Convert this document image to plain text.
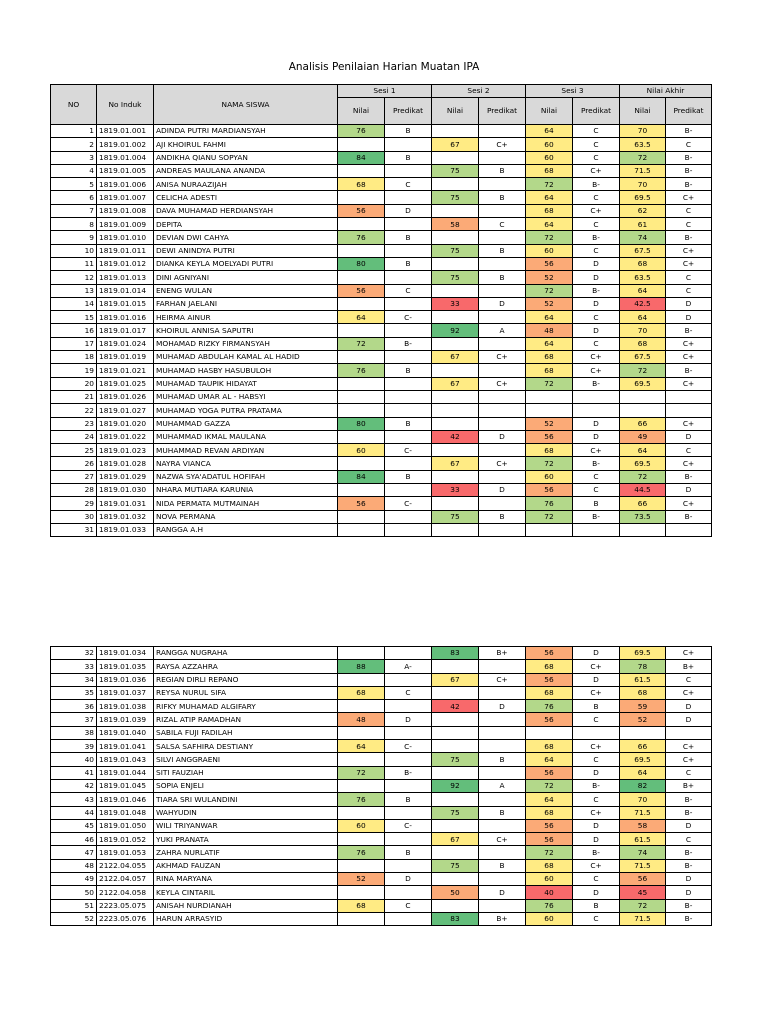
Analisis Penilaian Harian Muatan IPA
NO	No Induk	NAMA SISWA	Sesi 1		Sesi 2		Sesi 3		Nilai Akhir	
			Nilai	Predikat	Nilai	Predikat	Nilai	Predikat	Nilai	Predikat
1	1819.01.001	ADINDA PUTRI MARDIANSYAH	76	B			64	C	70	B-
2	1819.01.002	AJI KHOIRUL FAHMI			67	C+	60	C	63.5	C
3	1819.01.004	ANDIKHA QIANU SOPYAN	84	B			60	C	72	B-
4	1819.01.005	ANDREAS MAULANA ANANDA			75	B	68	C+	71.5	B-
5	1819.01.006	ANISA NURAAZIJAH	68	C			72	B-	70	B-
6	1819.01.007	CELICHA ADESTI			75	B	64	C	69.5	C+
7	1819.01.008	DAVA MUHAMAD HERDIANSYAH	56	D			68	C+	62	C
8	1819.01.009	DEPITA			58	C	64	C	61	C
9	1819.01.010	DEVIAN DWI CAHYA	76	B			72	B-	74	B-
10	1819.01.011	DEWI ANINDYA PUTRI			75	B	60	C	67.5	C+
11	1819.01.012	DIANKA KEYLA MOELYADI PUTRI	80	B			56	D	68	C+
12	1819.01.013	DINI AGNIYANI			75	B	52	D	63.5	C
13	1819.01.014	ENENG WULAN	56	C			72	B-	64	C
14	1819.01.015	FARHAN JAELANI			33	D	52	D	42.5	D
15	1819.01.016	HEIRMA AINUR	64	C-			64	C	64	D
16	1819.01.017	KHOIRUL ANNISA SAPUTRI			92	A	48	D	70	B-
17	1819.01.024	MOHAMAD RIZKY FIRMANSYAH	72	B-			64	C	68	C+
18	1819.01.019	MUHAMAD ABDULAH KAMAL AL HADID			67	C+	68	C+	67.5	C+
19	1819.01.021	MUHAMAD HASBY HASUBULOH	76	B			68	C+	72	B-
20	1819.01.025	MUHAMAD TAUPIK HIDAYAT			67	C+	72	B-	69.5	C+
21	1819.01.026	MUHAMAD UMAR AL - HABSYI								
22	1819.01.027	MUHAMAD YOGA PUTRA PRATAMA								
23	1819.01.020	MUHAMMAD GAZZA	80	B			52	D	66	C+
24	1819.01.022	MUHAMMAD IKMAL MAULANA			42	D	56	D	49	D
25	1819.01.023	MUHAMMAD REVAN ARDIYAN	60	C-			68	C+	64	C
26	1819.01.028	NAYRA VIANCA			67	C+	72	B-	69.5	C+
27	1819.01.029	NAZWA SYA'ADATUL HOFIFAH	84	B			60	C	72	B-
28	1819.01.030	NHARA MUTIARA KARUNIA			33	D	56	C	44.5	D
29	1819.01.031	NIDA PERMATA MUTMAINAH	56	C-			76	B	66	C+
30	1819.01.032	NOVA PERMANA			75	B	72	B-	73.5	B-
31	1819.01.033	RANGGA A.H								
32	1819.01.034	RANGGA NUGRAHA			83	B+	56	D	69.5	C+
33	1819.01.035	RAYSA AZZAHRA	88	A-			68	C+	78	B+
34	1819.01.036	REGIAN DIRLI REPANO			67	C+	56	D	61.5	C
35	1819.01.037	REYSA NURUL SIFA	68	C			68	C+	68	C+
36	1819.01.038	RIFKY MUHAMAD ALGIFARY			42	D	76	B	59	D
37	1819.01.039	RIZAL ATIP RAMADHAN	48	D			56	C	52	D
38	1819.01.040	SABILA FUJI FADILAH								
39	1819.01.041	SALSA SAFHIRA DESTIANY	64	C-			68	C+	66	C+
40	1819.01.043	SILVI ANGGRAENI			75	B	64	C	69.5	C+
41	1819.01.044	SITI FAUZIAH	72	B-			56	D	64	C
42	1819.01.045	SOPIA ENJELI			92	A	72	B-	82	B+
43	1819.01.046	TIARA SRI WULANDINI	76	B			64	C	70	B-
44	1819.01.048	WAHYUDIN			75	B	68	C+	71.5	B-
45	1819.01.050	WILI TRIYANWAR	60	C-			56	D	58	D
46	1819.01.052	YUKI PRANATA			67	C+	56	D	61.5	C
47	1819.01.053	ZAHRA NURLATIF	76	B			72	B-	74	B-
48	2122.04.055	AKHMAD FAUZAN			75	B	68	C+	71.5	B-
49	2122.04.057	RINA MARYANA	52	D			60	C	56	D
50	2122.04.058	KEYLA CINTARIL			50	D	40	D	45	D
51	2223.05.075	ANISAH NURDIANAH	68	C			76	B	72	B-
52	2223.05.076	HARUN ARRASYID			83	B+	60	C	71.5	B-
